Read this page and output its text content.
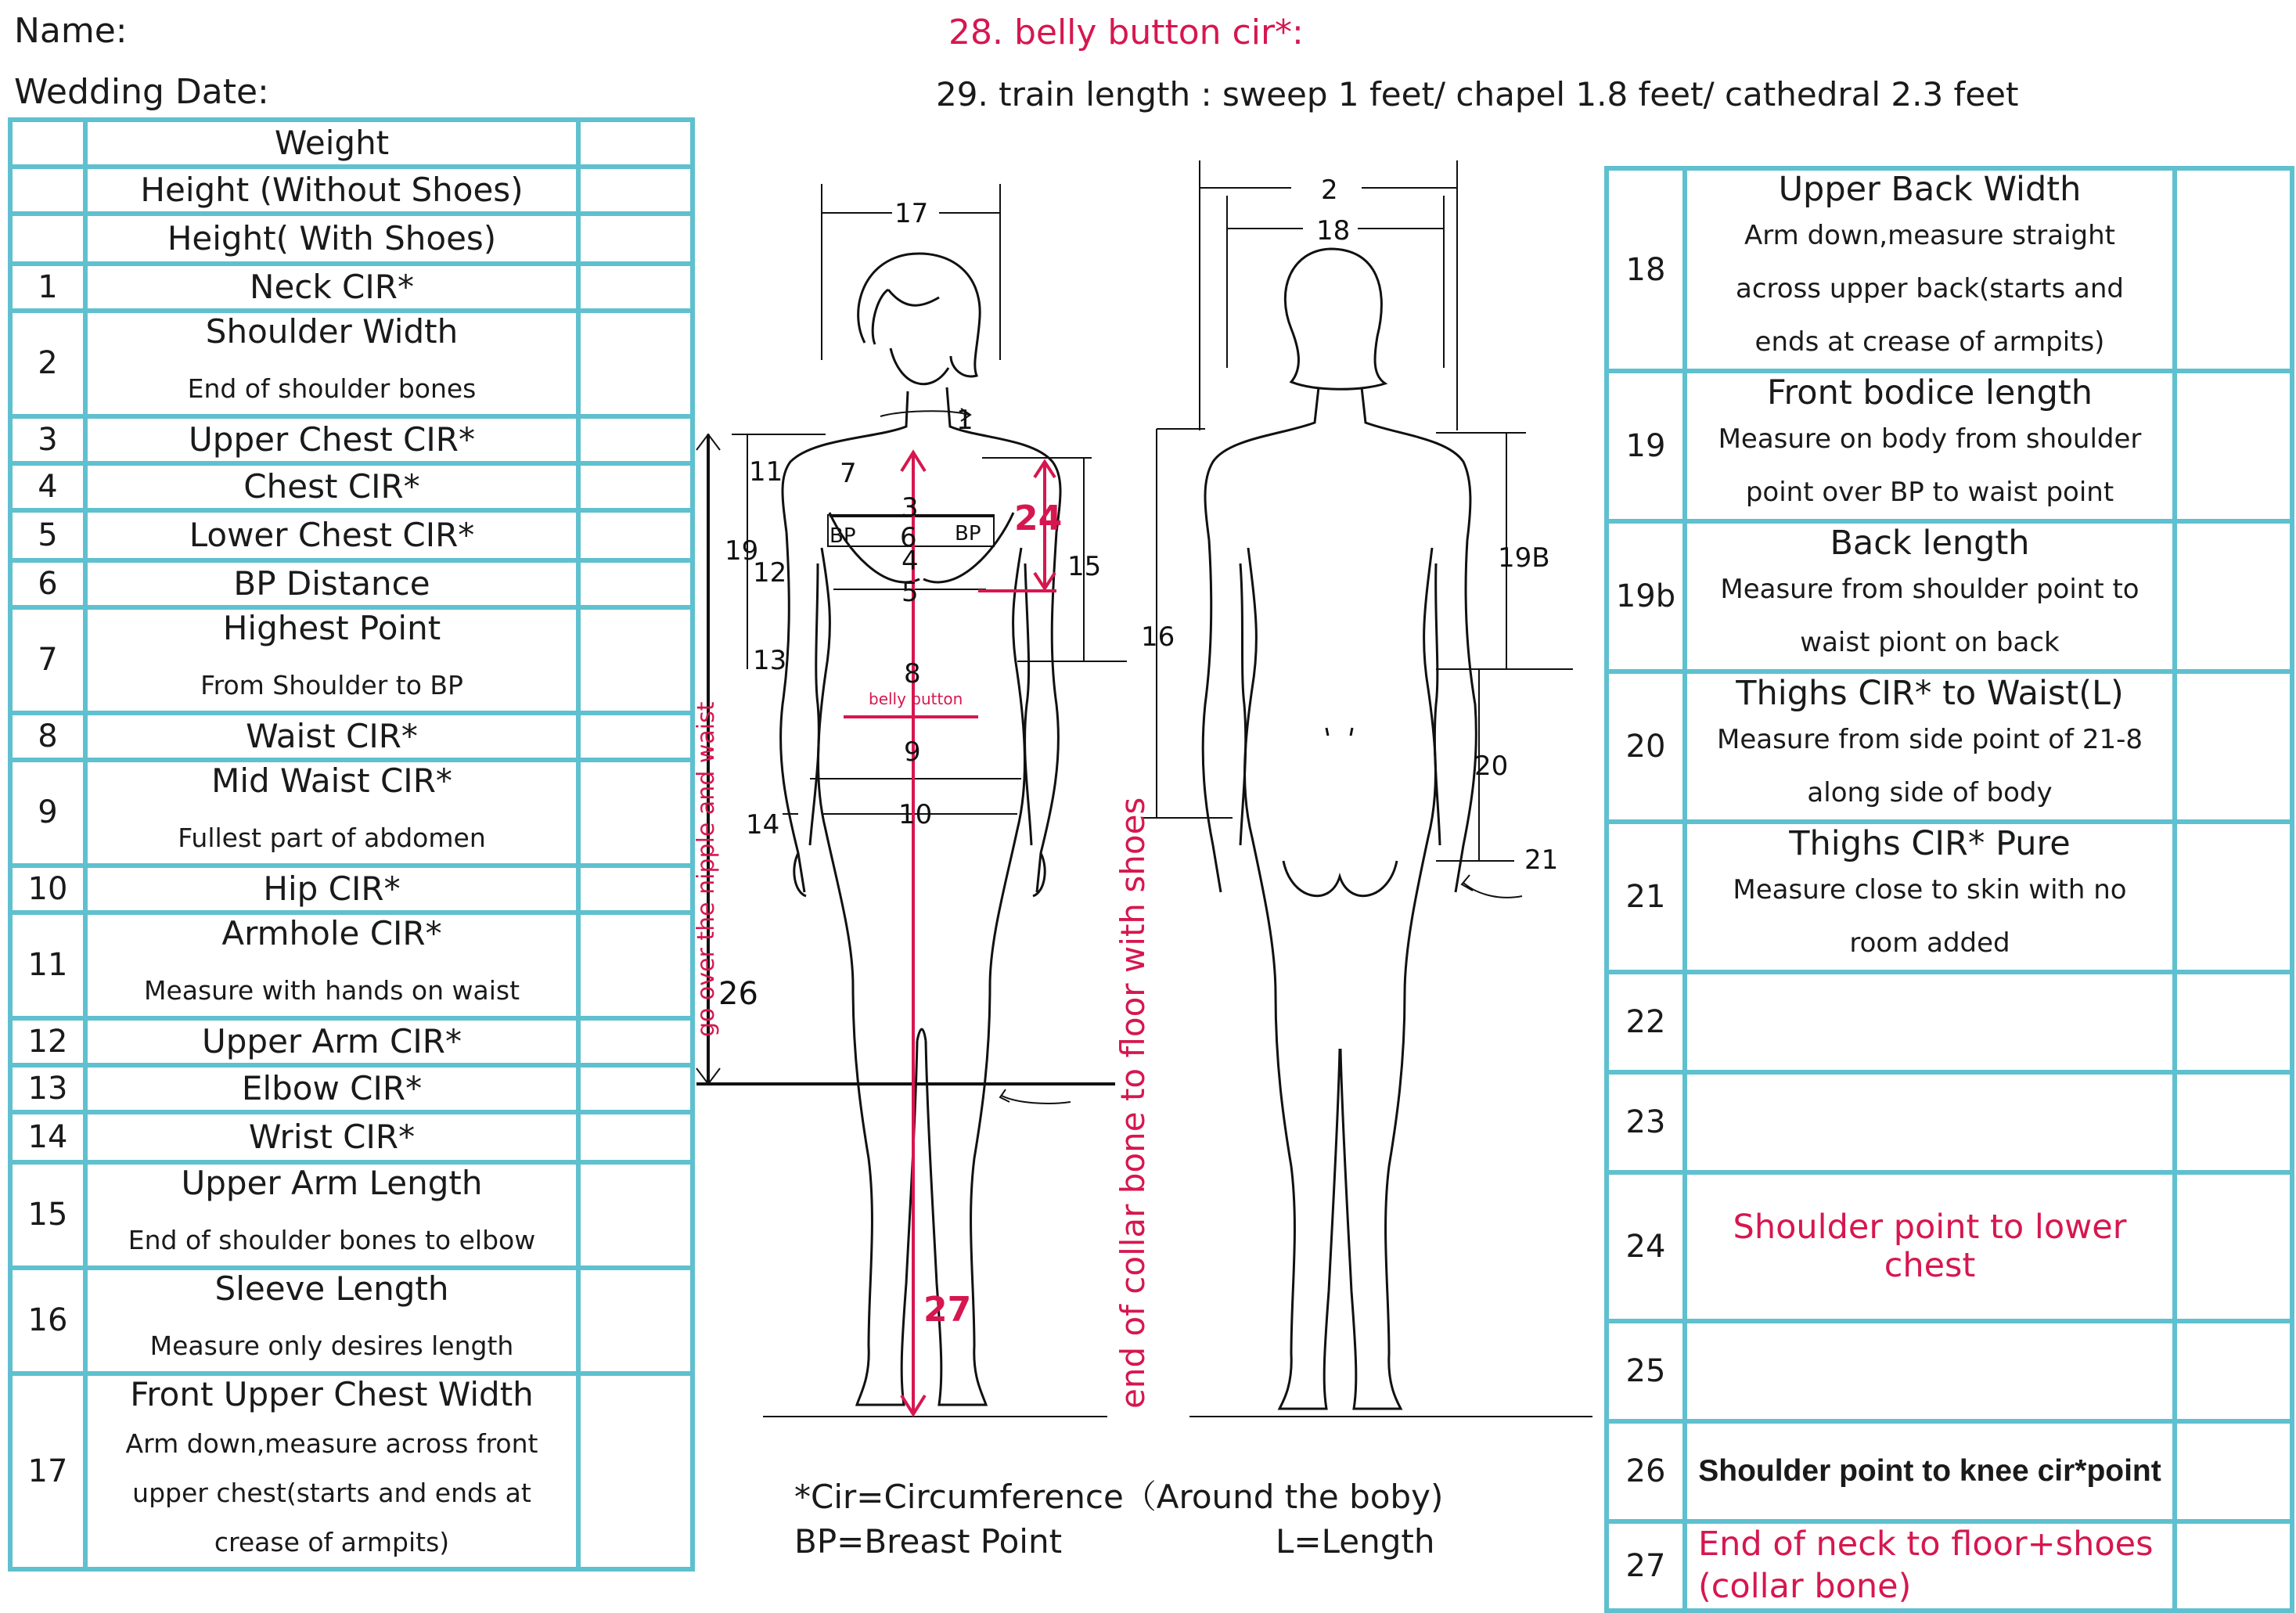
Name:
Wedding Date:
28. belly button cir*:
29. train length : sweep 1 feet/ chapel 1.8 feet/ cathedral 2.3 feet
	Weight	
	Height (Without Shoes)	
	Height( With Shoes)	
1	Neck CIR*	
2	Shoulder Width
End of shoulder bones	

3	Upper Chest CIR*	
4	Chest CIR*	
5	Lower Chest CIR*	
6	BP Distance	
7	Highest Point
From Shoulder to BP	

8	Waist CIR*	
9	Mid Waist CIR*
Fullest part of abdomen	

10	Hip CIR*	
11	Armhole CIR*
Measure with hands on waist	

12	Upper Arm CIR*	
13	Elbow CIR*	
14	Wrist CIR*	
15	Upper Arm Length
End of shoulder bones to elbow	

16	Sleeve Length
Measure only desires length	

17	Front Upper Chest Width
Arm down,measure across front upper chest(starts and ends at crease of armpits)	

18	Upper Back Width
Arm down,measure straight across upper back(starts and ends at crease of armpits)	

19	Front bodice length
Measure on body from shoulder point over BP to waist point	

19b	Back length
Measure from shoulder point to waist piont on back	

20	Thighs CIR* to Waist(L)
Measure from side point of 21-8 along side of body	

21	Thighs CIR* Pure
Measure close to skin with no room added	

22		
23		
24	Shoulder point to lower chest	
25		
26	Shoulder point to knee cir*point	
27	End of neck to floor+shoes (collar bone)	

17
1
7
11
3
6
4
5
19
12	15
13	8
9
10
14
26
2
18
19B
16
20
21
BP	BP 24
27
belly button
go over the nipple and waist	end of collar bone to floor with shoes
*Cir=Circumference（Around the boby)
BP=Breast Point	L=Length
